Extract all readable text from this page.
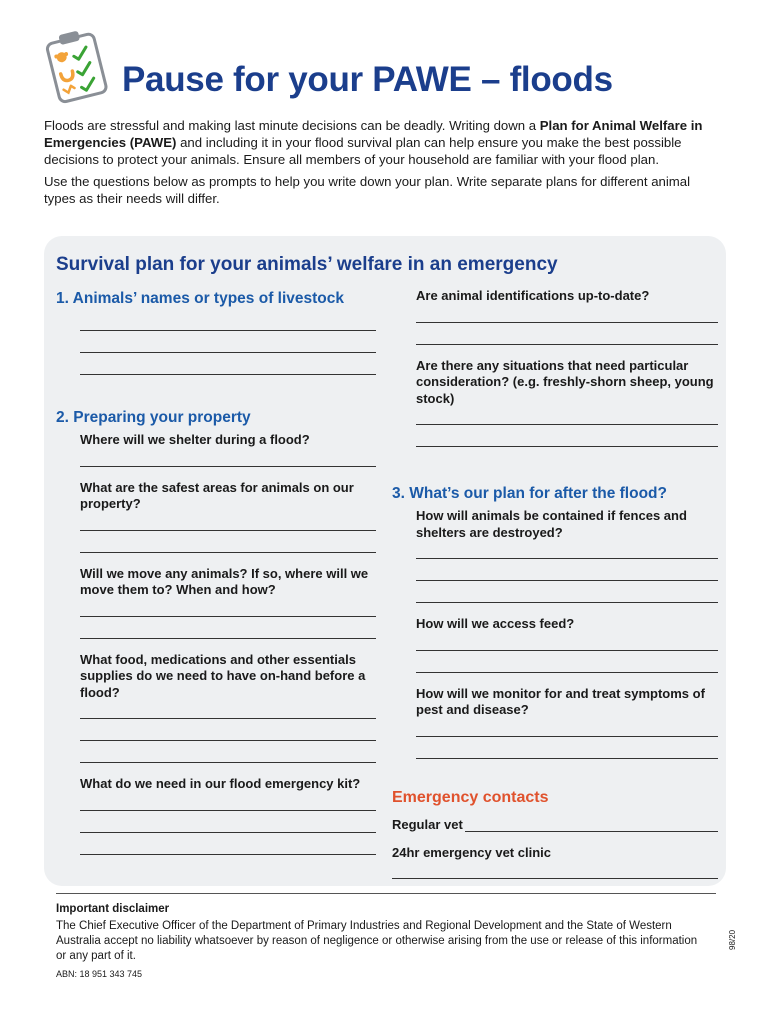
Pause for your PAWE – floods

Floods are stressful and making last minute decisions can be deadly. Writing down a Plan for Animal Welfare in Emergencies (PAWE) and including it in your flood survival plan can help ensure you make the best possible decisions to protect your animals. Ensure all members of your household are familiar with your flood plan.

Use the questions below as prompts to help you write down your plan. Write separate plans for different animal types as their needs will differ.

Survival plan for your animals’ welfare in an emergency

1. Animals’ names or types of livestock

2. Preparing your property

Where will we shelter during a flood?

What are the safest areas for animals on our property?

Will we move any animals? If so, where will we move them to? When and how?

What food, medications and other essentials supplies do we need to have on-hand before a flood?

What do we need in our flood emergency kit?

Are animal identifications up-to-date?

Are there any situations that need particular consideration? (e.g. freshly-shorn sheep, young stock)

3. What’s our plan for after the flood?

How will animals be contained if fences and shelters are destroyed?

How will we access feed?

How will we monitor for and treat symptoms of pest and disease?

Emergency contacts

Regular vet

24hr emergency vet clinic

Important disclaimer

The Chief Executive Officer of the Department of Primary Industries and Regional Development and the State of Western Australia accept no liability whatsoever by reason of negligence or otherwise arising from the use or release of this information or any part of it.

ABN: 18 951 343 745

98/20
